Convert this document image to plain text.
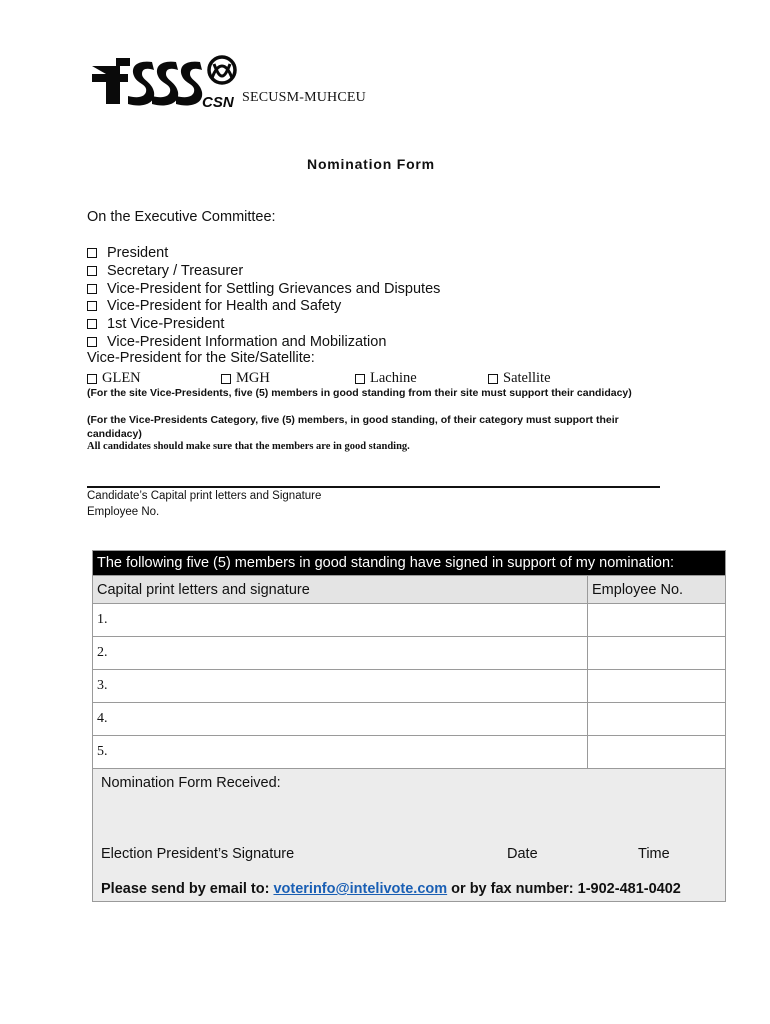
CSN SECUSM-MUHCEU
Nomination Form
On the Executive Committee:
President
Secretary / Treasurer
Vice-President for Settling Grievances and Disputes
Vice-President for Health and Safety
1st Vice-President
Vice-President Information and Mobilization
Vice-President for the Site/Satellite:
GLEN	MGH	Lachine	Satellite
(For the site Vice-Presidents, five (5) members in good standing from their site must support their candidacy)
(For the Vice-Presidents Category, five (5) members, in good standing, of their category must support their candidacy)
All candidates should make sure that the members are in good standing.
Candidate’s Capital print letters and Signature
Employee No.
The following five (5) members in good standing have signed in support of my nomination:	
Capital print letters and signature	Employee No.
1.	
2.	
3.	
4.	
5.	

Nomination Form Received:
Election President’s Signature Date Time
Please send by email to: voterinfo@intelivote.com or by fax number: 1-902-481-0402	
